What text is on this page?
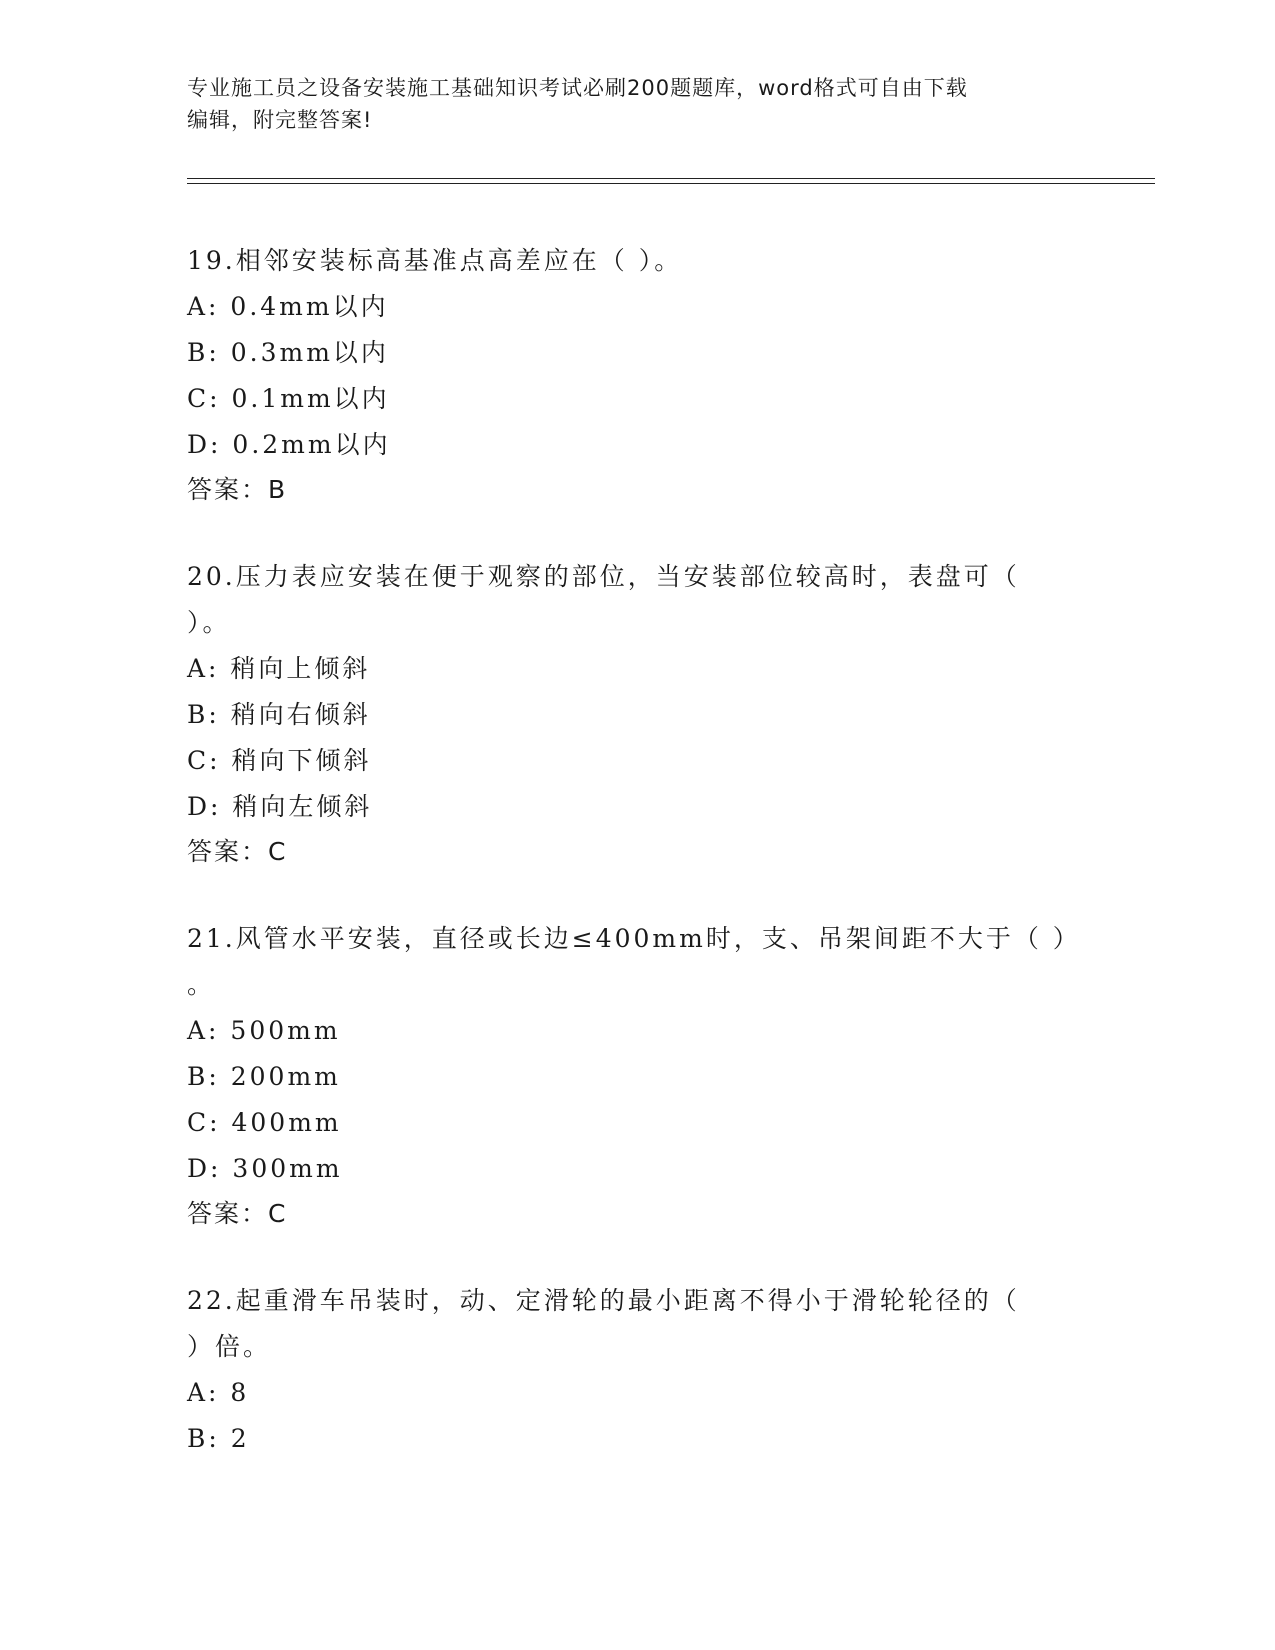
专业施工员之设备安装施工基础知识考试必刷200题题库，word格式可自由下载
编辑，附完整答案!
19.相邻安装标高基准点高差应在（ ）。
A: 0.4mm以内
B: 0.3mm以内
C: 0.1mm以内
D: 0.2mm以内
答案：B
20.压力表应安装在便于观察的部位，当安装部位较高时，表盘可（
）。
A: 稍向上倾斜
B: 稍向右倾斜
C: 稍向下倾斜
D: 稍向左倾斜
答案：C
21.风管水平安装，直径或长边≤400mm时，支、吊架间距不大于（ ）
。
A: 500mm
B: 200mm
C: 400mm
D: 300mm
答案：C
22.起重滑车吊装时，动、定滑轮的最小距离不得小于滑轮轮径的（
）倍。
A: 8
B: 2
